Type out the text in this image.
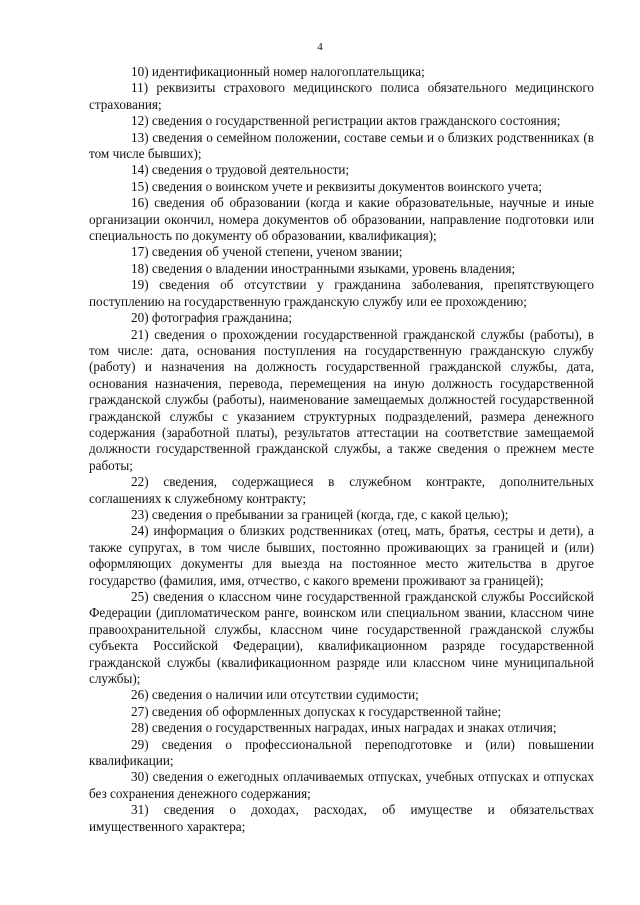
4

10) идентификационный номер налогоплательщика;

11) реквизиты страхового медицинского полиса обязательного медицинского страхования;

12) сведения о государственной регистрации актов гражданского состояния;

13) сведения о семейном положении, составе семьи и о близких родственниках (в том числе бывших);

14) сведения о трудовой деятельности;

15) сведения о воинском учете и реквизиты документов воинского учета;

16) сведения об образовании (когда и какие образовательные, научные и иные организации окончил, номера документов об образовании, направление подготовки или специальность по документу об образовании, квалификация);

17) сведения об ученой степени, ученом звании;

18) сведения о владении иностранными языками, уровень владения;

19) сведения об отсутствии у гражданина заболевания, препятствующего поступлению на государственную гражданскую службу или ее прохождению;

20) фотография гражданина;

21) сведения о прохождении государственной гражданской службы (работы), в том числе: дата, основания поступления на государственную гражданскую службу (работу) и назначения на должность государственной гражданской службы, дата, основания назначения, перевода, перемещения на иную должность государственной гражданской службы (работы), наименование замещаемых должностей государственной гражданской службы с указанием структурных подразделений, размера денежного содержания (заработной платы), результатов аттестации на соответствие замещаемой должности государственной гражданской службы, а также сведения о прежнем месте работы;

22) сведения, содержащиеся в служебном контракте, дополнительных соглашениях к служебному контракту;

23) сведения о пребывании за границей (когда, где, с какой целью);

24) информация о близких родственниках (отец, мать, братья, сестры и дети), а также супругах, в том числе бывших, постоянно проживающих за границей и (или) оформляющих документы для выезда на постоянное место жительства в другое государство (фамилия, имя, отчество, с какого времени проживают за границей);

25) сведения о классном чине государственной гражданской службы Российской Федерации (дипломатическом ранге, воинском или специальном звании, классном чине правоохранительной службы, классном чине государственной гражданской службы субъекта Российской Федерации), квалификационном разряде государственной гражданской службы (квалификационном разряде или классном чине муниципальной службы);

26) сведения о наличии или отсутствии судимости;

27) сведения об оформленных допусках к государственной тайне;

28) сведения о государственных наградах, иных наградах и знаках отличия;

29) сведения о профессиональной переподготовке и (или) повышении квалификации;

30) сведения о ежегодных оплачиваемых отпусках, учебных отпусках и отпусках без сохранения денежного содержания;

31) сведения о доходах, расходах, об имуществе и обязательствах имущественного характера;
